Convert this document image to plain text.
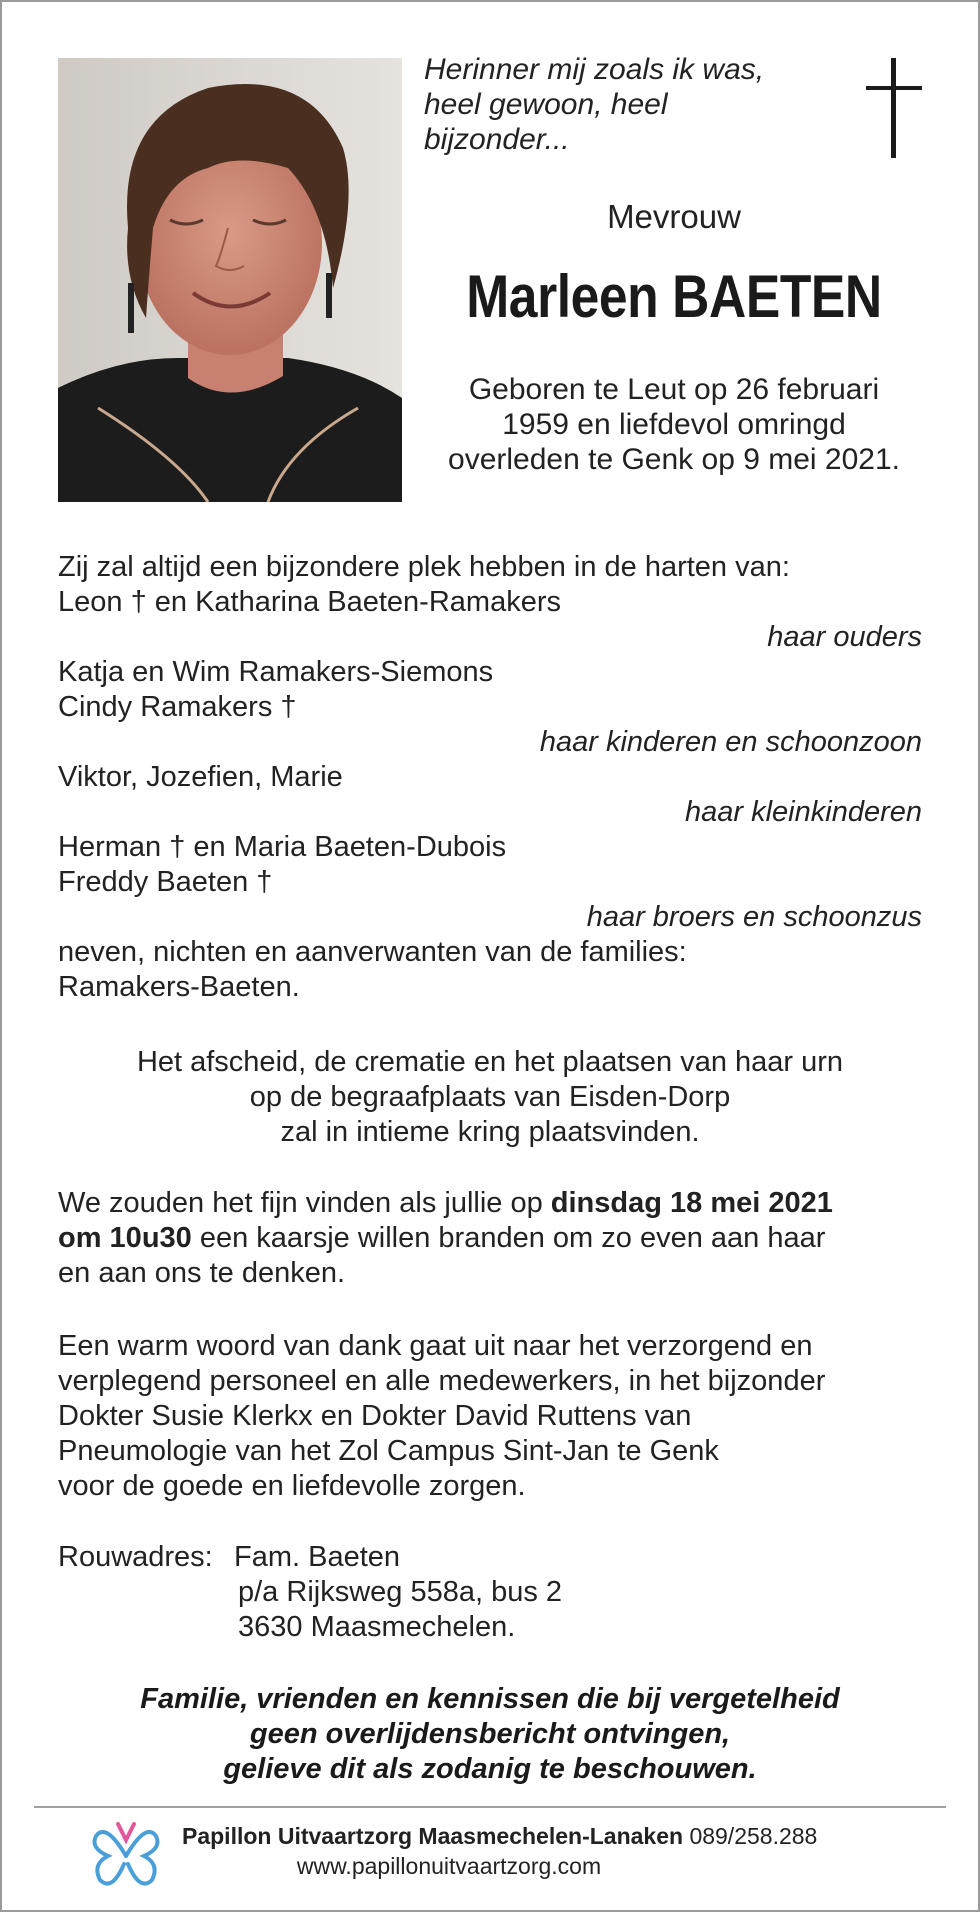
Herinner mij zoals ik was,
heel gewoon, heel
bijzonder...
Mevrouw
Marleen BAETEN
Geboren te Leut op 26 februari
1959 en liefdevol omringd
overleden te Genk op 9 mei 2021.
Zij zal altijd een bijzondere plek hebben in de harten van:
Leon † en Katharina Baeten-Ramakers
haar ouders
Katja en Wim Ramakers-Siemons
Cindy Ramakers †
haar kinderen en schoonzoon
Viktor, Jozefien, Marie
haar kleinkinderen
Herman † en Maria Baeten-Dubois
Freddy Baeten †
haar broers en schoonzus
neven, nichten en aanverwanten van de families:
Ramakers-Baeten.
Het afscheid, de crematie en het plaatsen van haar urn
op de begraafplaats van Eisden-Dorp
zal in intieme kring plaatsvinden.
We zouden het fijn vinden als jullie op dinsdag 18 mei 2021
om 10u30 een kaarsje willen branden om zo even aan haar
en aan ons te denken.
Een warm woord van dank gaat uit naar het verzorgend en
verplegend personeel en alle medewerkers, in het bijzonder
Dokter Susie Klerkx en Dokter David Ruttens van
Pneumologie van het Zol Campus Sint-Jan te Genk
voor de goede en liefdevolle zorgen.
Rouwadres: Fam. Baeten
p/a Rijksweg 558a, bus 2
3630 Maasmechelen.
Familie, vrienden en kennissen die bij vergetelheid
geen overlijdensbericht ontvingen,
gelieve dit als zodanig te beschouwen.
Papillon Uitvaartzorg Maasmechelen-Lanaken 089/258.288
www.papillonuitvaartzorg.com
